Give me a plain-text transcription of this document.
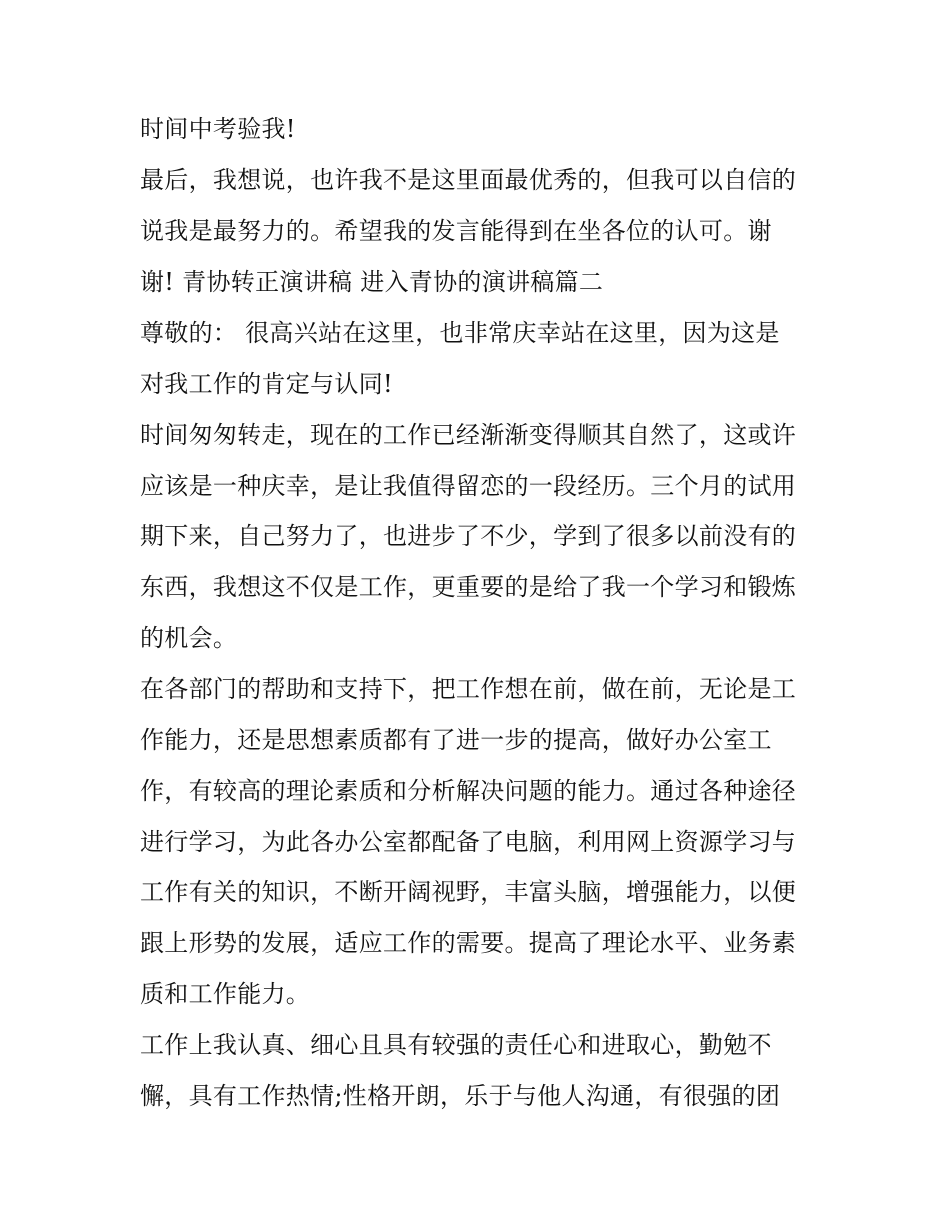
时间中考验我!
最后，我想说，也许我不是这里面最优秀的，但我可以自信的
说我是最努力的。希望我的发言能得到在坐各位的认可。谢
谢! 青协转正演讲稿 进入青协的演讲稿篇二
尊敬的： 很高兴站在这里，也非常庆幸站在这里，因为这是
对我工作的肯定与认同!
时间匆匆转走，现在的工作已经渐渐变得顺其自然了，这或许
应该是一种庆幸，是让我值得留恋的一段经历。三个月的试用
期下来，自己努力了，也进步了不少，学到了很多以前没有的
东西，我想这不仅是工作，更重要的是给了我一个学习和锻炼
的机会。
在各部门的帮助和支持下，把工作想在前，做在前，无论是工
作能力，还是思想素质都有了进一步的提高，做好办公室工
作，有较高的理论素质和分析解决问题的能力。通过各种途径
进行学习，为此各办公室都配备了电脑，利用网上资源学习与
工作有关的知识，不断开阔视野，丰富头脑，增强能力，以便
跟上形势的发展，适应工作的需要。提高了理论水平、业务素
质和工作能力。
工作上我认真、细心且具有较强的责任心和进取心，勤勉不
懈，具有工作热情;性格开朗，乐于与他人沟通，有很强的团
